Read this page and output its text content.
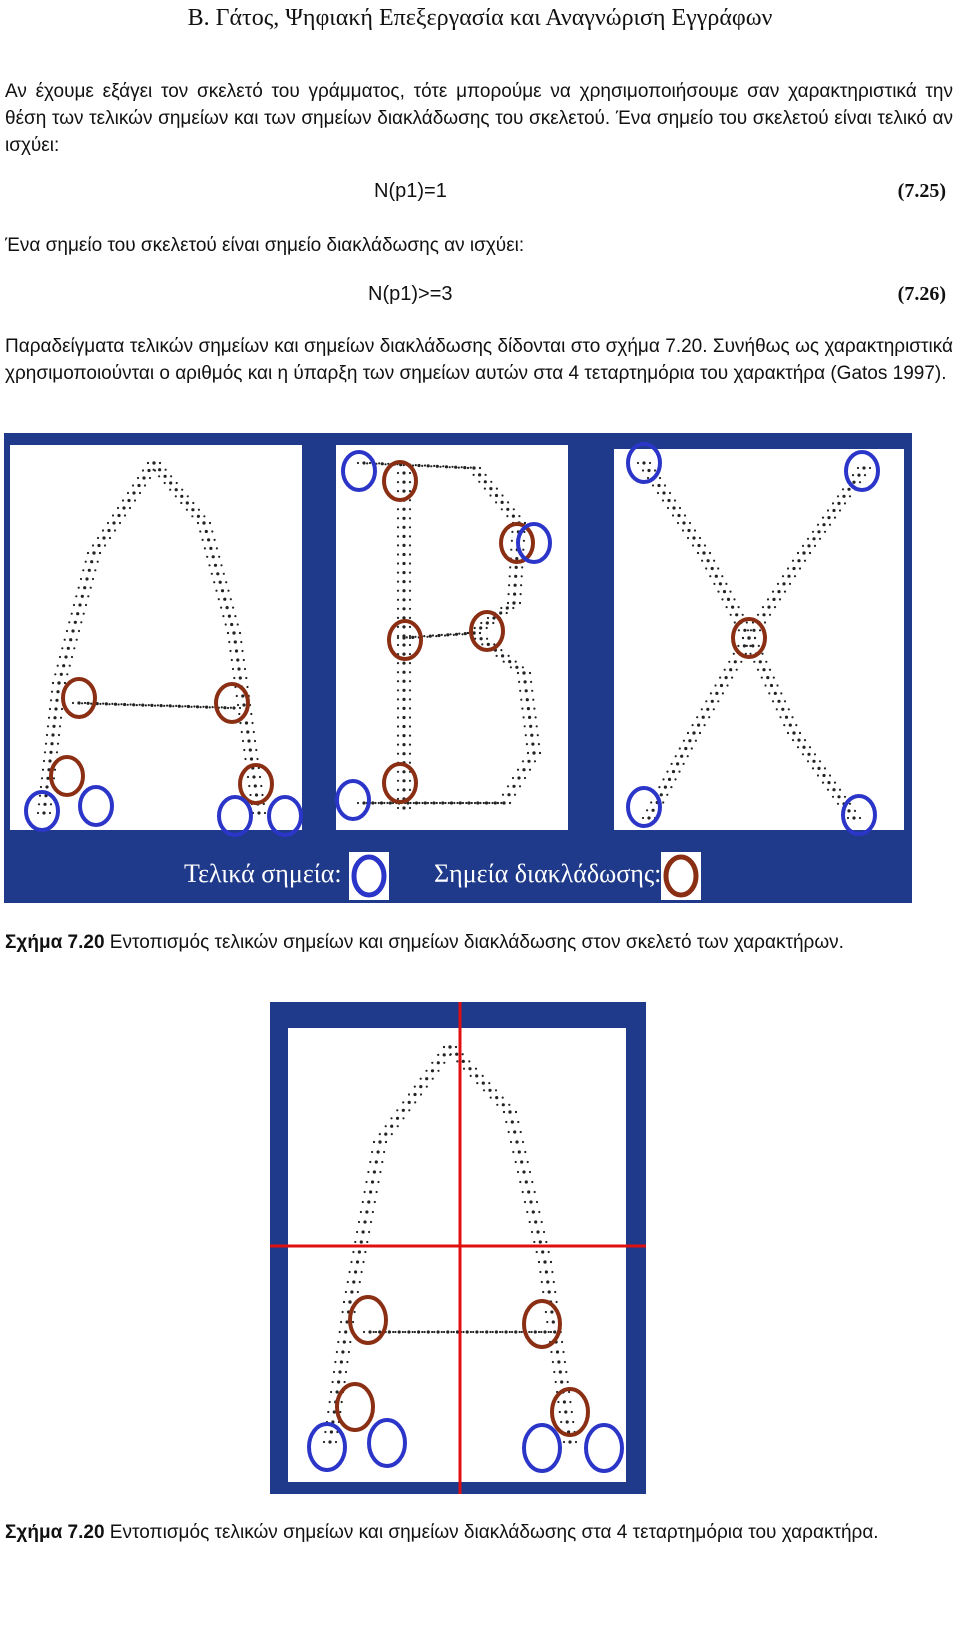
Β. Γάτος, Ψηφιακή Επεξεργασία και Αναγνώριση Εγγράφων
Αν έχουμε εξάγει τον σκελετό του γράμματος, τότε μπορούμε να χρησιμοποιήσουμε σαν χαρακτηριστικά την θέση των τελικών σημείων και των σημείων διακλάδωσης του σκελετού. Ένα σημείο του σκελετού είναι τελικό αν ισχύει:
N(p1)=1	(7.25)
Ένα σημείο του σκελετού είναι σημείο διακλάδωσης αν ισχύει:
N(p1)>=3	(7.26)
Παραδείγματα τελικών σημείων και σημείων διακλάδωσης δίδονται στο σχήμα 7.20. Συνήθως ως χαρακτηριστικά χρησιμοποιούνται ο αριθμός και η ύπαρξη των σημείων αυτών στα 4 τεταρτημόρια του χαρακτήρα (Gatos 1997).
Τελικά σημεία:	Σημεία διακλάδωσης:
Σχήμα 7.20 Εντοπισμός τελικών σημείων και σημείων διακλάδωσης στον σκελετό των χαρακτήρων.
Σχήμα 7.20 Εντοπισμός τελικών σημείων και σημείων διακλάδωσης στα 4 τεταρτημόρια του χαρακτήρα.
